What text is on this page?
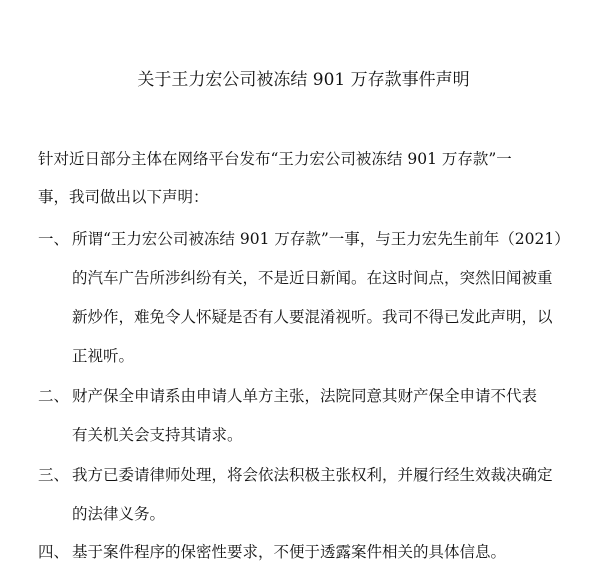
关于王力宏公司被冻结 901 万存款事件声明
针对近日部分主体在网络平台发布“王力宏公司被冻结 901 万存款”一
事，我司做出以下声明：
一、 所谓“王力宏公司被冻结 901 万存款”一事，与王力宏先生前年（2021）
的汽车广告所涉纠纷有关，不是近日新闻。在这时间点，突然旧闻被重
新炒作，难免令人怀疑是否有人要混淆视听。我司不得已发此声明，以
正视听。
二、 财产保全申请系由申请人单方主张，法院同意其财产保全申请不代表
有关机关会支持其请求。
三、 我方已委请律师处理，将会依法积极主张权利，并履行经生效裁决确定
的法律义务。
四、 基于案件程序的保密性要求，不便于透露案件相关的具体信息。
